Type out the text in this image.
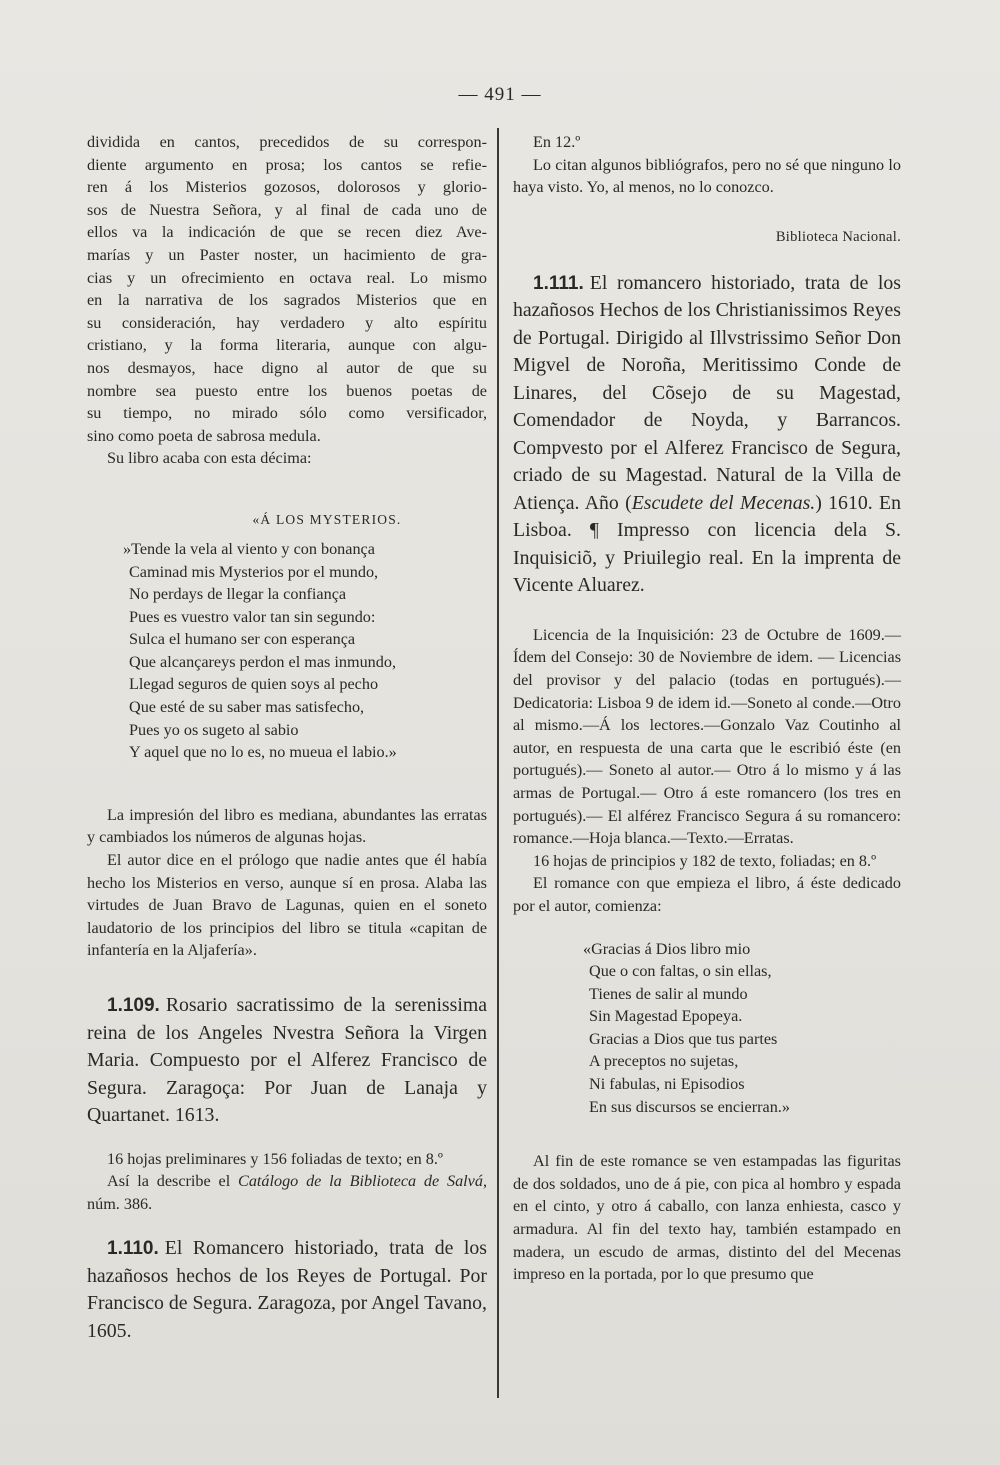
— 491 —

dividida en cantos, precedidos de su correspon-
diente argumento en prosa; los cantos se refie-
ren á los Misterios gozosos, dolorosos y glorio-
sos de Nuestra Señora, y al final de cada uno de
ellos va la indicación de que se recen diez Ave-
marías y un Paster noster, un hacimiento de gra-
cias y un ofrecimiento en octava real. Lo mismo
en la narrativa de los sagrados Misterios que en
su consideración, hay verdadero y alto espíritu
cristiano, y la forma literaria, aunque con algu-
nos desmayos, hace digno al autor de que su
nombre sea puesto entre los buenos poetas de
su tiempo, no mirado sólo como versificador,
sino como poeta de sabrosa medula.

Su libro acaba con esta décima:

«Á LOS MYSTERIOS.
»Tende la vela al viento y con bonança
Caminad mis Mysterios por el mundo,
No perdays de llegar la confiança
Pues es vuestro valor tan sin segundo:
Sulca el humano ser con esperança
Que alcançareys perdon el mas inmundo,
Llegad seguros de quien soys al pecho
Que esté de su saber mas satisfecho,
Pues yo os sugeto al sabio
Y aquel que no lo es, no mueua el labio.»

La impresión del libro es mediana, abundantes las erratas y cambiados los números de algunas hojas.

El autor dice en el prólogo que nadie antes que él había hecho los Misterios en verso, aunque sí en prosa. Alaba las virtudes de Juan Bravo de Lagunas, quien en el soneto laudatorio de los principios del libro se titula «capitan de infantería en la Aljafería».

1.109. Rosario sacratissimo de la serenissima reina de los Angeles Nvestra Señora la Virgen Maria. Compuesto por el Alferez Francisco de Segura. Zaragoça: Por Juan de Lanaja y Quartanet. 1613.

16 hojas preliminares y 156 foliadas de texto; en 8.º

Así la describe el Catálogo de la Biblioteca de Salvá, núm. 386.

1.110. El Romancero historiado, trata de los hazañosos hechos de los Reyes de Portugal. Por Francisco de Segura. Zaragoza, por Angel Tavano, 1605.

En 12.º

Lo citan algunos bibliógrafos, pero no sé que ninguno lo haya visto. Yo, al menos, no lo conozco.

Biblioteca Nacional.

1.111. El romancero historiado, trata de los hazañosos Hechos de los Christianissimos Reyes de Portugal. Dirigido al Illvstrissimo Señor Don Migvel de Noroña, Meritissimo Conde de Linares, del Cõsejo de su Magestad, Comendador de Noyda, y Barrancos. Compvesto por el Alferez Francisco de Segura, criado de su Magestad. Natural de la Villa de Atiença. Año (Escudete del Mecenas.) 1610. En Lisboa. ¶ Impresso con licencia dela S. Inquisiciõ, y Priuilegio real. En la imprenta de Vicente Aluarez.

Licencia de la Inquisición: 23 de Octubre de 1609.—Ídem del Consejo: 30 de Noviembre de idem. — Licencias del provisor y del palacio (todas en portugués).—Dedicatoria: Lisboa 9 de idem id.—Soneto al conde.—Otro al mismo.—Á los lectores.—Gonzalo Vaz Coutinho al autor, en respuesta de una carta que le escribió éste (en portugués).— Soneto al autor.— Otro á lo mismo y á las armas de Portugal.— Otro á este romancero (los tres en portugués).— El alférez Francisco Segura á su romancero: romance.—Hoja blanca.—Texto.—Erratas.

16 hojas de principios y 182 de texto, foliadas; en 8.º

El romance con que empieza el libro, á éste dedicado por el autor, comienza:

«Gracias á Dios libro mio
Que o con faltas, o sin ellas,
Tienes de salir al mundo
Sin Magestad Epopeya.
Gracias a Dios que tus partes
A preceptos no sujetas,
Ni fabulas, ni Episodios
En sus discursos se encierran.»

Al fin de este romance se ven estampadas las figuritas de dos soldados, uno de á pie, con pica al hombro y espada en el cinto, y otro á caballo, con lanza enhiesta, casco y armadura. Al fin del texto hay, también estampado en madera, un escudo de armas, distinto del del Mecenas impreso en la portada, por lo que presumo que
